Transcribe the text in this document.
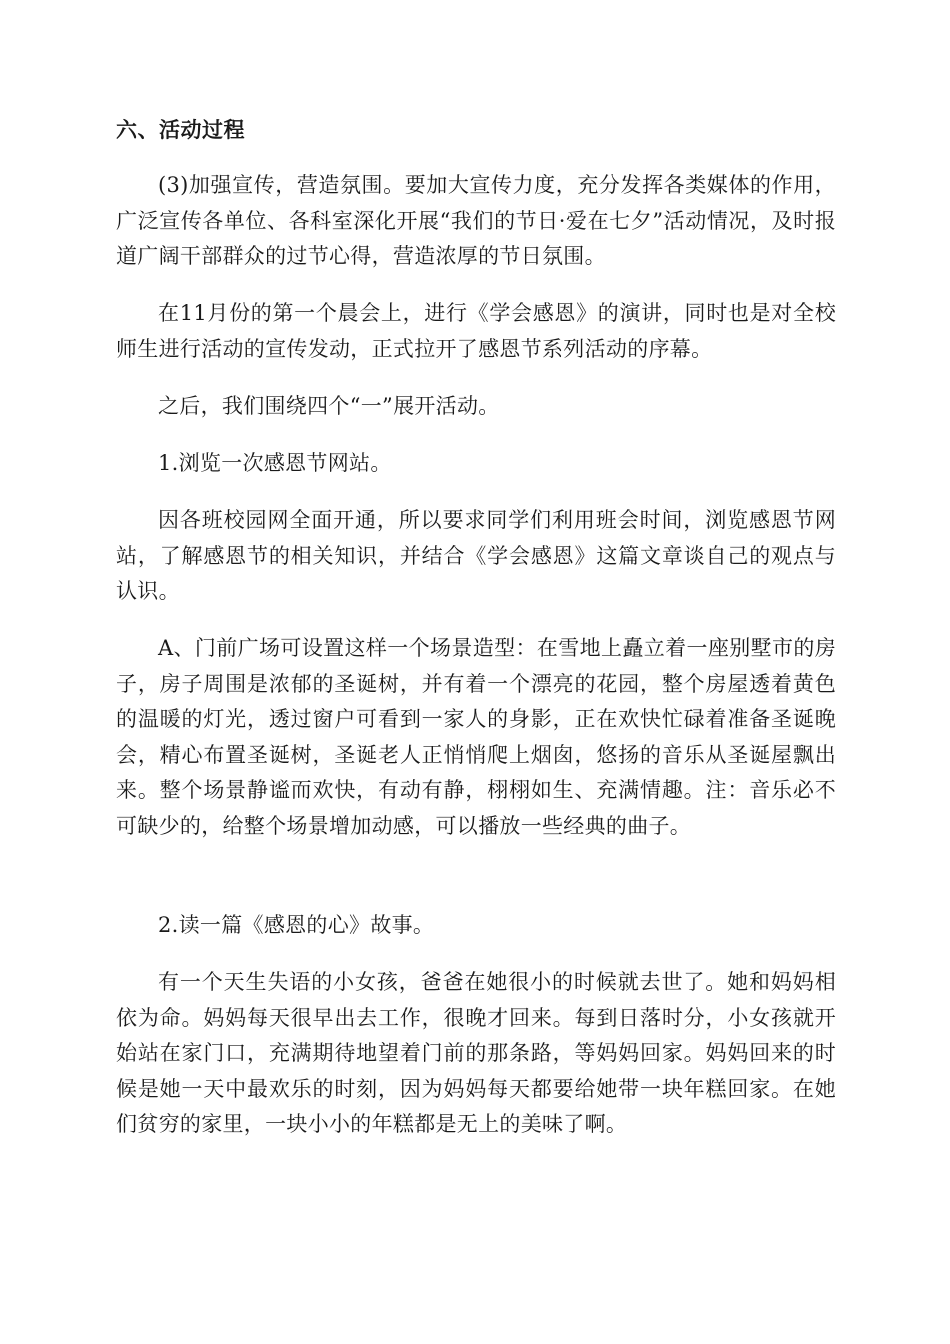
六、活动过程

(3)加强宣传，营造氛围。要加大宣传力度，充分发挥各类媒体的作用，广泛宣传各单位、各科室深化开展“我们的节日·爱在七夕”活动情况，及时报道广阔干部群众的过节心得，营造浓厚的节日氛围。

在11月份的第一个晨会上，进行《学会感恩》的演讲，同时也是对全校师生进行活动的宣传发动，正式拉开了感恩节系列活动的序幕。

之后，我们围绕四个“一”展开活动。

1.浏览一次感恩节网站。

因各班校园网全面开通，所以要求同学们利用班会时间，浏览感恩节网站，了解感恩节的相关知识，并结合《学会感恩》这篇文章谈自己的观点与认识。

A、门前广场可设置这样一个场景造型：在雪地上矗立着一座别墅市的房子，房子周围是浓郁的圣诞树，并有着一个漂亮的花园，整个房屋透着黄色的温暖的灯光，透过窗户可看到一家人的身影，正在欢快忙碌着准备圣诞晚会，精心布置圣诞树，圣诞老人正悄悄爬上烟囱，悠扬的音乐从圣诞屋飘出来。整个场景静谧而欢快，有动有静，栩栩如生、充满情趣。注：音乐必不可缺少的，给整个场景增加动感，可以播放一些经典的曲子。

2.读一篇《感恩的心》故事。

有一个天生失语的小女孩，爸爸在她很小的时候就去世了。她和妈妈相依为命。妈妈每天很早出去工作，很晚才回来。每到日落时分，小女孩就开始站在家门口，充满期待地望着门前的那条路，等妈妈回家。妈妈回来的时候是她一天中最欢乐的时刻，因为妈妈每天都要给她带一块年糕回家。在她们贫穷的家里，一块小小的年糕都是无上的美味了啊。
